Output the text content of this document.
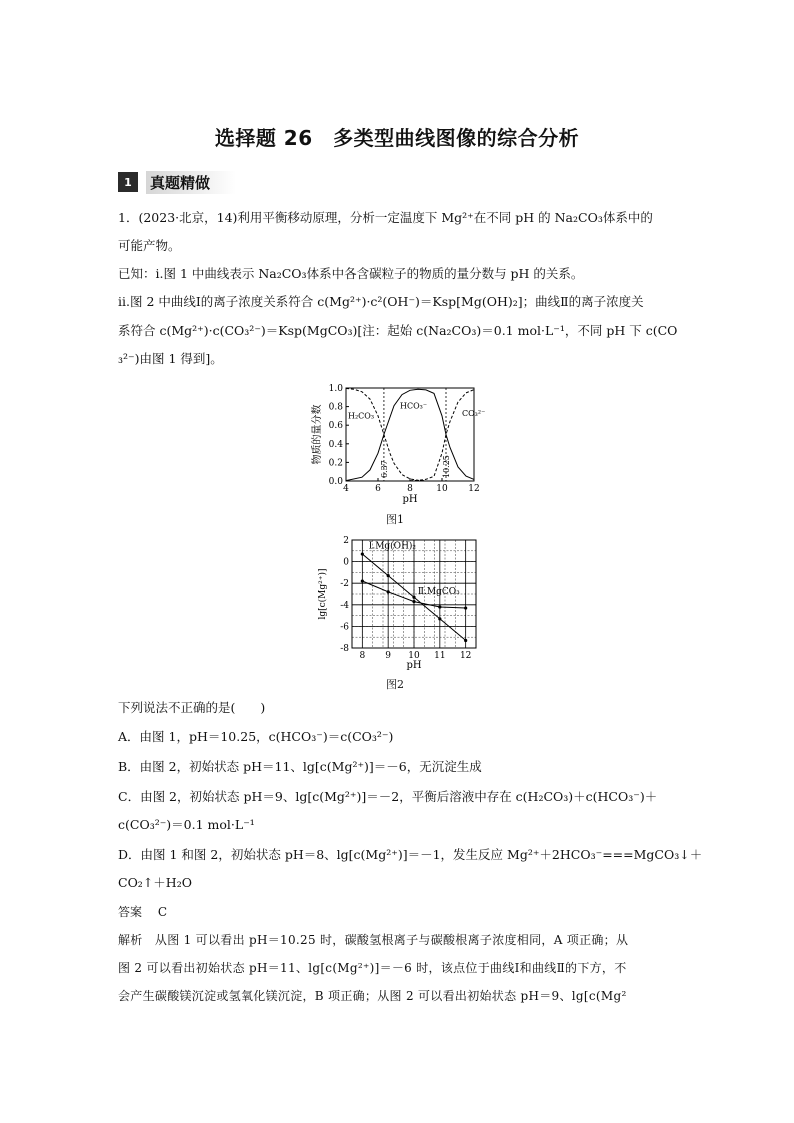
选择题 26　多类型曲线图像的综合分析
1	真题精做
1．(2023·北京，14)利用平衡移动原理，分析一定温度下 Mg²⁺在不同 pH 的 Na₂CO₃体系中的
可能产物。
已知：i.图 1 中曲线表示 Na₂CO₃体系中各含碳粒子的物质的量分数与 pH 的关系。
ii.图 2 中曲线Ⅰ的离子浓度关系符合 c(Mg²⁺)·c²(OH⁻)＝Ksp[Mg(OH)₂]；曲线Ⅱ的离子浓度关
系符合 c(Mg²⁺)·c(CO₃²⁻)＝Ksp(MgCO₃)[注：起始 c(Na₂CO₃)＝0.1 mol·L⁻¹，不同 pH 下 c(CO
₃²⁻)由图 1 得到]。
4	6	8	10 12
0.0
0.2
0.4
0.6
0.8
1.0
pH
物质的量分数
6.37	10.25
H₂CO₃
HCO₃⁻
CO₃²⁻
图1
8 9 10 11 12
2
0
-2
-4
-6
-8
pH
lg[c(Mg²⁺)]
Ⅰ.Mg(OH)₂
Ⅱ.MgCO₃
图2
下列说法不正确的是(　　)
A．由图 1，pH＝10.25，c(HCO₃⁻)＝c(CO₃²⁻)
B．由图 2，初始状态 pH＝11、lg[c(Mg²⁺)]＝－6，无沉淀生成
C．由图 2，初始状态 pH＝9、lg[c(Mg²⁺)]＝－2，平衡后溶液中存在 c(H₂CO₃)＋c(HCO₃⁻)＋
c(CO₃²⁻)＝0.1 mol·L⁻¹
D．由图 1 和图 2，初始状态 pH＝8、lg[c(Mg²⁺)]＝－1，发生反应 Mg²⁺＋2HCO₃⁻===MgCO₃↓＋
CO₂↑＋H₂O
答案 C
解析　从图 1 可以看出 pH＝10.25 时，碳酸氢根离子与碳酸根离子浓度相同，A 项正确；从
图 2 可以看出初始状态 pH＝11、lg[c(Mg²⁺)]＝－6 时，该点位于曲线Ⅰ和曲线Ⅱ的下方，不
会产生碳酸镁沉淀或氢氧化镁沉淀，B 项正确；从图 2 可以看出初始状态 pH＝9、lg[c(Mg²
